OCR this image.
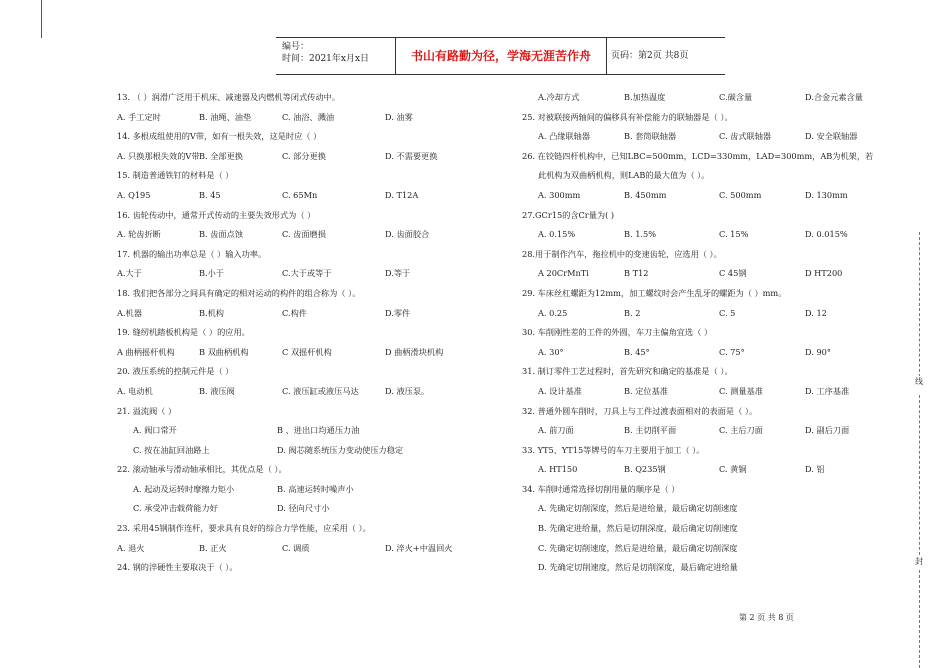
编号：
时间：2021年x月x日	书山有路勤为径，学海无涯苦作舟	页码：第2页 共8页
13. （ ）润滑广泛用于机床、减速器及内燃机等闭式传动中。
A. 手工定时	B. 油绳、油垫	C. 油浴、溅油	D. 油雾
14. 多根成组使用的V带，如有一根失效，这是时应（ ）
A. 只换那根失效的V带 B. 全部更换	C. 部分更换	D. 不需要更换
15. 制造普通铁钉的材料是（ ）
A. Q195	B. 45	C. 65Mn	D. T12A
16. 齿轮传动中，通常开式传动的主要失效形式为（ ）
A. 轮齿折断	B. 齿面点蚀	C. 齿面磨损	D. 齿面胶合
17. 机器的输出功率总是（ ）输入功率。
A.大于	B.小于	C.大于或等于	D.等于
18. 我们把各部分之间具有确定的相对运动的构件的组合称为（ ）。
A.机器	B.机构	C.构件	D.零件
19. 缝纫机踏板机构是（ ）的应用。
A 曲柄摇杆机构	B 双曲柄机构	C 双摇杆机构	D 曲柄滑块机构
20. 液压系统的控制元件是（ ）
A. 电动机	B. 液压阀	C. 液压缸或液压马达	D. 液压泵。
21. 溢流阀（ ）
A. 阀口常开	B 、进出口均通压力油
C. 按在油缸回油路上	D. 阀芯随系统压力变动使压力稳定
22. 滚动轴承与滑动轴承相比，其优点是（ ）。
A. 起动及运转时摩擦力矩小	B. 高速运转时噪声小
C. 承受冲击载荷能力好	D. 径向尺寸小
23. 采用45钢制作连杆，要求具有良好的综合力学性能，应采用（ ）。
A. 退火	B. 正火	C. 调质	D. 淬火+中温回火
24. 钢的淬硬性主要取决于（ ）。
A.冷却方式	B.加热温度	C.碳含量	D.合金元素含量
25. 对被联接两轴间的偏移具有补偿能力的联轴器是（ ）。
A. 凸缘联轴器	B. 套筒联轴器	C. 齿式联轴器	D. 安全联轴器
26. 在铰链四杆机构中，已知LBC=500mm，LCD=330mm，LAD=300mm，AB为机架，若
此机构为双曲柄机构，则LAB的最大值为（ ）。
A. 300mm	B. 450mm	C. 500mm	D. 130mm
27.GCr15的含Cr量为( )
A. 0.15%	B. 1.5%	C. 15%	D. 0.015%
28.用于制作汽车，拖拉机中的变速齿轮，应选用（ ）。
A 20CrMnTi	B T12	C 45钢	D HT200
29. 车床丝杠螺距为12mm，加工螺纹时会产生乱牙的螺距为（ ）mm。
A. 0.25	B. 2	C. 5	D. 12
30. 车削刚性差的工件的外圆，车刀主偏角宜选（ ）
A. 30°	B. 45°	C. 75°	D. 90°
31. 制订零件工艺过程时，首先研究和确定的基准是（ ）。
A. 设计基准	B. 定位基准	C. 测量基准	D. 工序基准
32. 普通外圆车削时，刀具上与工件过渡表面相对的表面是（ ）。
A. 前刀面	B. 主切削平面	C. 主后刀面	D. 副后刀面
33. YT5、YT15等牌号的车刀主要用于加工（ ）。
A. HT150	B. Q235钢	C. 黄铜	D. 铝
34. 车削时通常选择切削用量的顺序是（ ）
A. 先确定切削深度，然后是进给量，最后确定切削速度
B. 先确定进给量，然后是切削深度，最后确定切削速度
C. 先确定切削速度，然后是进给量，最后确定切削深度
D. 先确定切削速度，然后是切削深度，最后确定进给量
第 2 页 共 8 页
线
封
